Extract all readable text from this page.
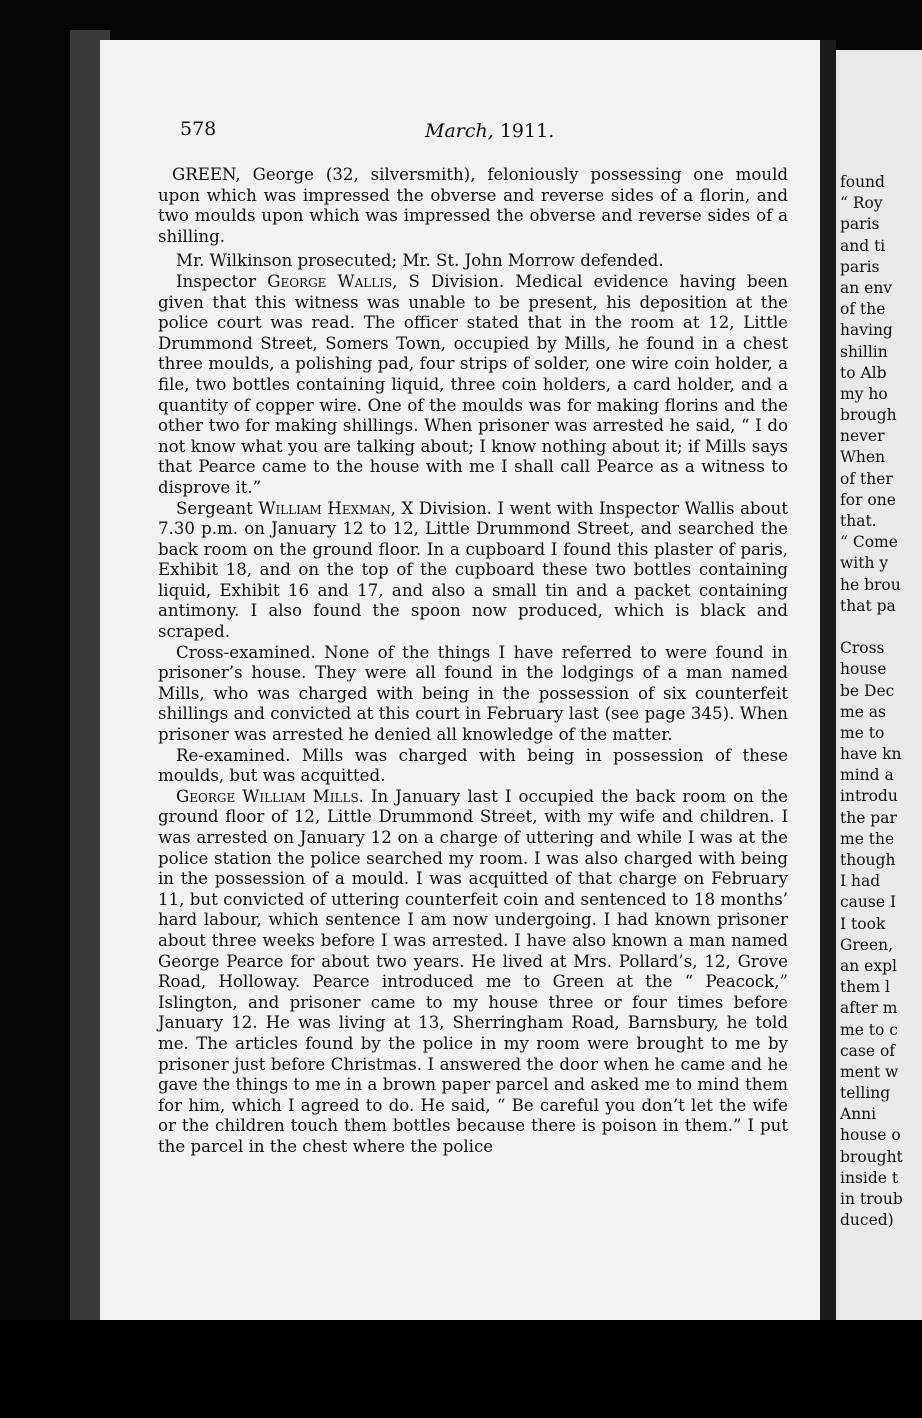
found
“ Roy
paris
and ti
paris
an env
of the
having
shillin
to Alb
my ho
brough
never
When
of ther
for one
that.
“ Come
with y
he brou
that pa
Cross
house
be Dec
me as
me to
have kn
mind a
introdu
the par
me the
though
I had
cause I
I took
Green,
an expl
them l
after m
me to c
case of
ment w
telling
Anni
house o
brought
inside t
in troub
duced)
578	March, 1911.

GREEN, George (32, silversmith), feloniously possessing one mould upon which was impressed the obverse and reverse sides of a florin, and two moulds upon which was impressed the obverse and reverse sides of a shilling.

Mr. Wilkinson prosecuted; Mr. St. John Morrow defended.

Inspector George Wallis, S Division. Medical evidence having been given that this witness was unable to be present, his deposition at the police court was read. The officer stated that in the room at 12, Little Drummond Street, Somers Town, occupied by Mills, he found in a chest three moulds, a polishing pad, four strips of solder, one wire coin holder, a file, two bottles containing liquid, three coin holders, a card holder, and a quantity of copper wire. One of the moulds was for making florins and the other two for making shillings. When prisoner was arrested he said, “ I do not know what you are talking about; I know nothing about it; if Mills says that Pearce came to the house with me I shall call Pearce as a witness to disprove it.”

Sergeant William Hexman, X Division. I went with Inspector Wallis about 7.30 p.m. on January 12 to 12, Little Drummond Street, and searched the back room on the ground floor. In a cupboard I found this plaster of paris, Exhibit 18, and on the top of the cupboard these two bottles containing liquid, Exhibit 16 and 17, and also a small tin and a packet containing antimony. I also found the spoon now produced, which is black and scraped.

Cross-examined. None of the things I have referred to were found in prisoner’s house. They were all found in the lodgings of a man named Mills, who was charged with being in the possession of six counterfeit shillings and convicted at this court in February last (see page 345). When prisoner was arrested he denied all knowledge of the matter.

Re-examined. Mills was charged with being in possession of these moulds, but was acquitted.

George William Mills. In January last I occupied the back room on the ground floor of 12, Little Drummond Street, with my wife and children. I was arrested on January 12 on a charge of uttering and while I was at the police station the police searched my room. I was also charged with being in the possession of a mould. I was acquitted of that charge on February 11, but convicted of uttering counterfeit coin and sentenced to 18 months’ hard labour, which sentence I am now undergoing. I had known prisoner about three weeks before I was arrested. I have also known a man named George Pearce for about two years. He lived at Mrs. Pollard’s, 12, Grove Road, Holloway. Pearce introduced me to Green at the “ Peacock,” Islington, and prisoner came to my house three or four times before January 12. He was living at 13, Sherringham Road, Barnsbury, he told me. The articles found by the police in my room were brought to me by prisoner just before Christmas. I answered the door when he came and he gave the things to me in a brown paper parcel and asked me to mind them for him, which I agreed to do. He said, “ Be careful you don’t let the wife or the children touch them bottles because there is poison in them.” I put the parcel in the chest where the police
